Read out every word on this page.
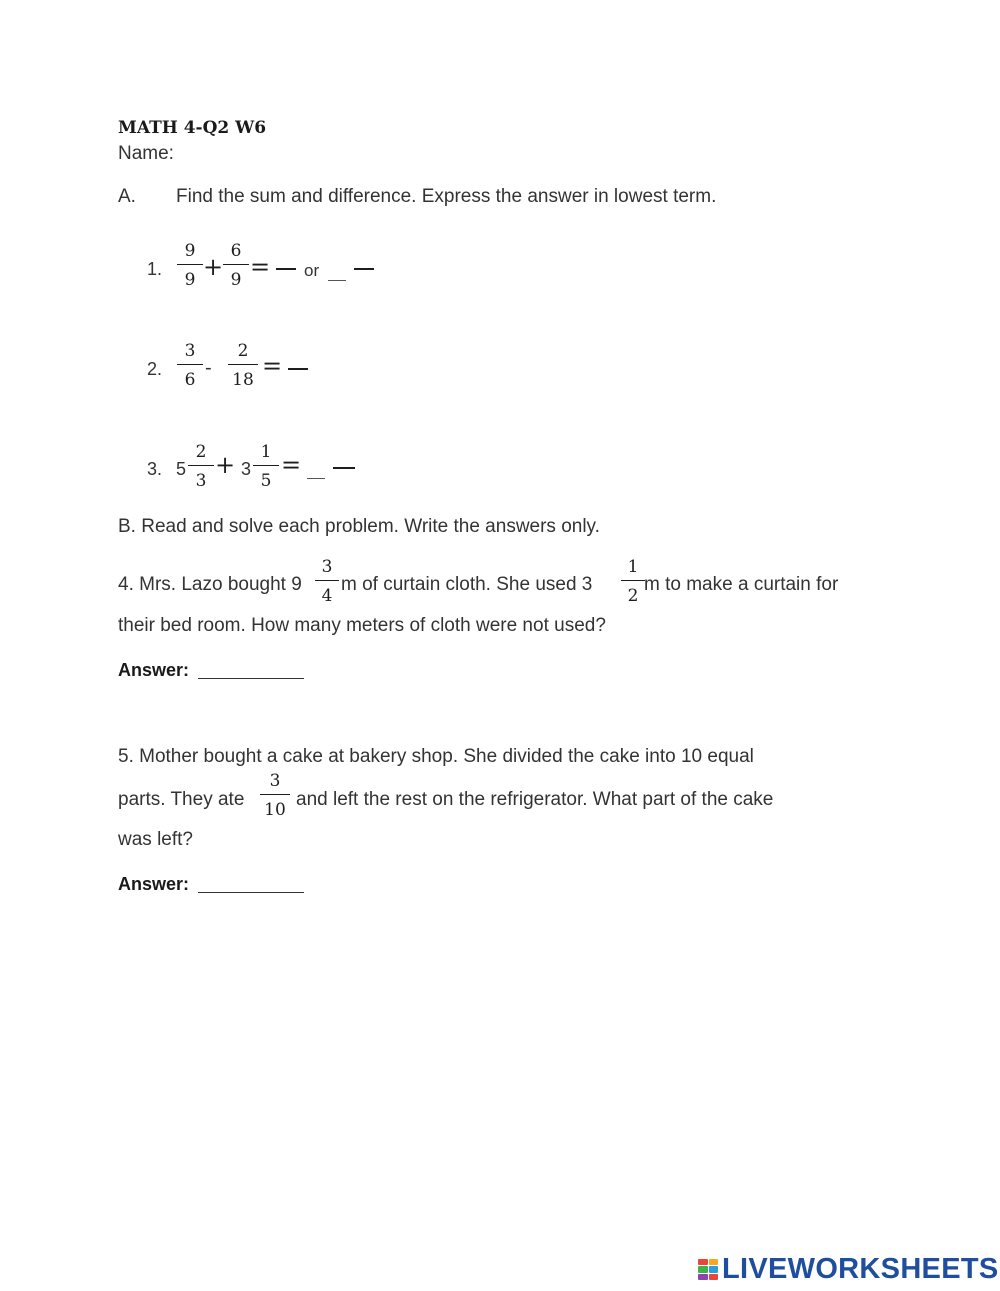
MATH 4-Q2 W6
Name:
A. Find the sum and difference. Express the answer in lowest term.
1.
9
9 +
6
9 = or
2.
3
6
-
2
18 =
3. 5
2
3
+ 3
1
5
=
B. Read and solve each problem. Write the answers only.
4. Mrs. Lazo bought 9
3
4
m of curtain cloth. She used 3
1
2
m to make a curtain for
their bed room. How many meters of cloth were not used?
Answer:
5. Mother bought a cake at bakery shop. She divided the cake into 10 equal
parts. They ate
3
10 and left the rest on the refrigerator. What part of the cake
was left?
Answer:
LIVEWORKSHEETS
